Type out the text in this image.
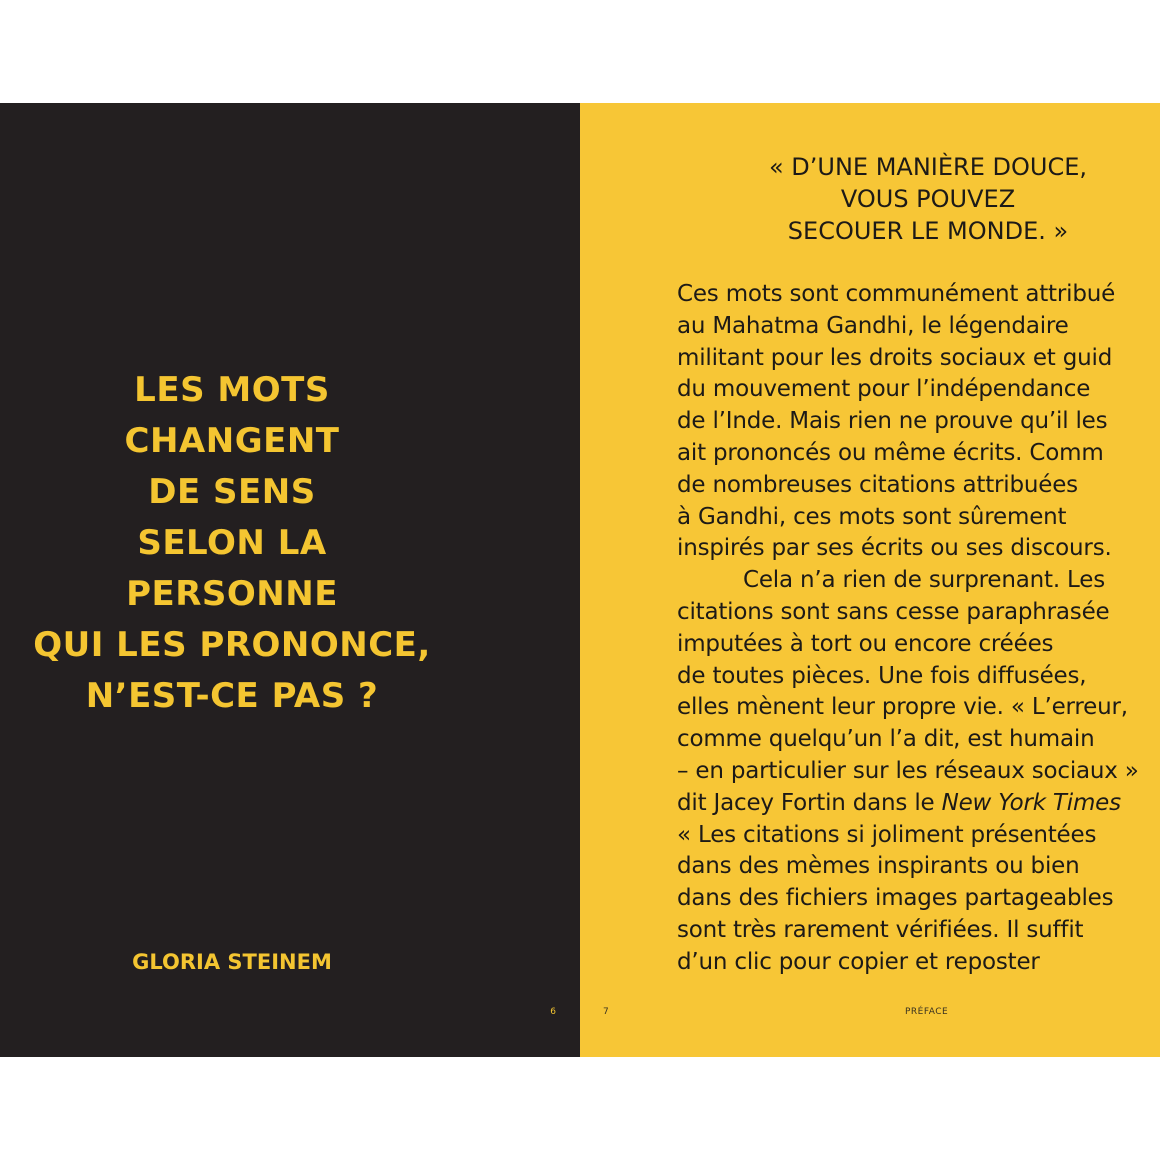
LES MOTS
CHANGENT
DE SENS
SELON LA
PERSONNE
QUI LES PRONONCE,
N’EST-CE PAS ?
GLORIA STEINEM
6	7	PRÉFACE
« D’UNE MANIÈRE DOUCE,
VOUS POUVEZ
SECOUER LE MONDE. »
Ces mots sont communément attribué
au Mahatma Gandhi, le légendaire
militant pour les droits sociaux et guid
du mouvement pour l’indépendance
de l’Inde. Mais rien ne prouve qu’il les
ait prononcés ou même écrits. Comm
de nombreuses citations attribuées
à Gandhi, ces mots sont sûrement
inspirés par ses écrits ou ses discours.
Cela n’a rien de surprenant. Les
citations sont sans cesse paraphrasée
imputées à tort ou encore créées
de toutes pièces. Une fois diffusées,
elles mènent leur propre vie. « L’erreur,
comme quelqu’un l’a dit, est humain
– en particulier sur les réseaux sociaux »
dit Jacey Fortin dans le New York Times
« Les citations si joliment présentées
dans des mèmes inspirants ou bien
dans des fichiers images partageables
sont très rarement vérifiées. Il suffit
d’un clic pour copier et reposter
